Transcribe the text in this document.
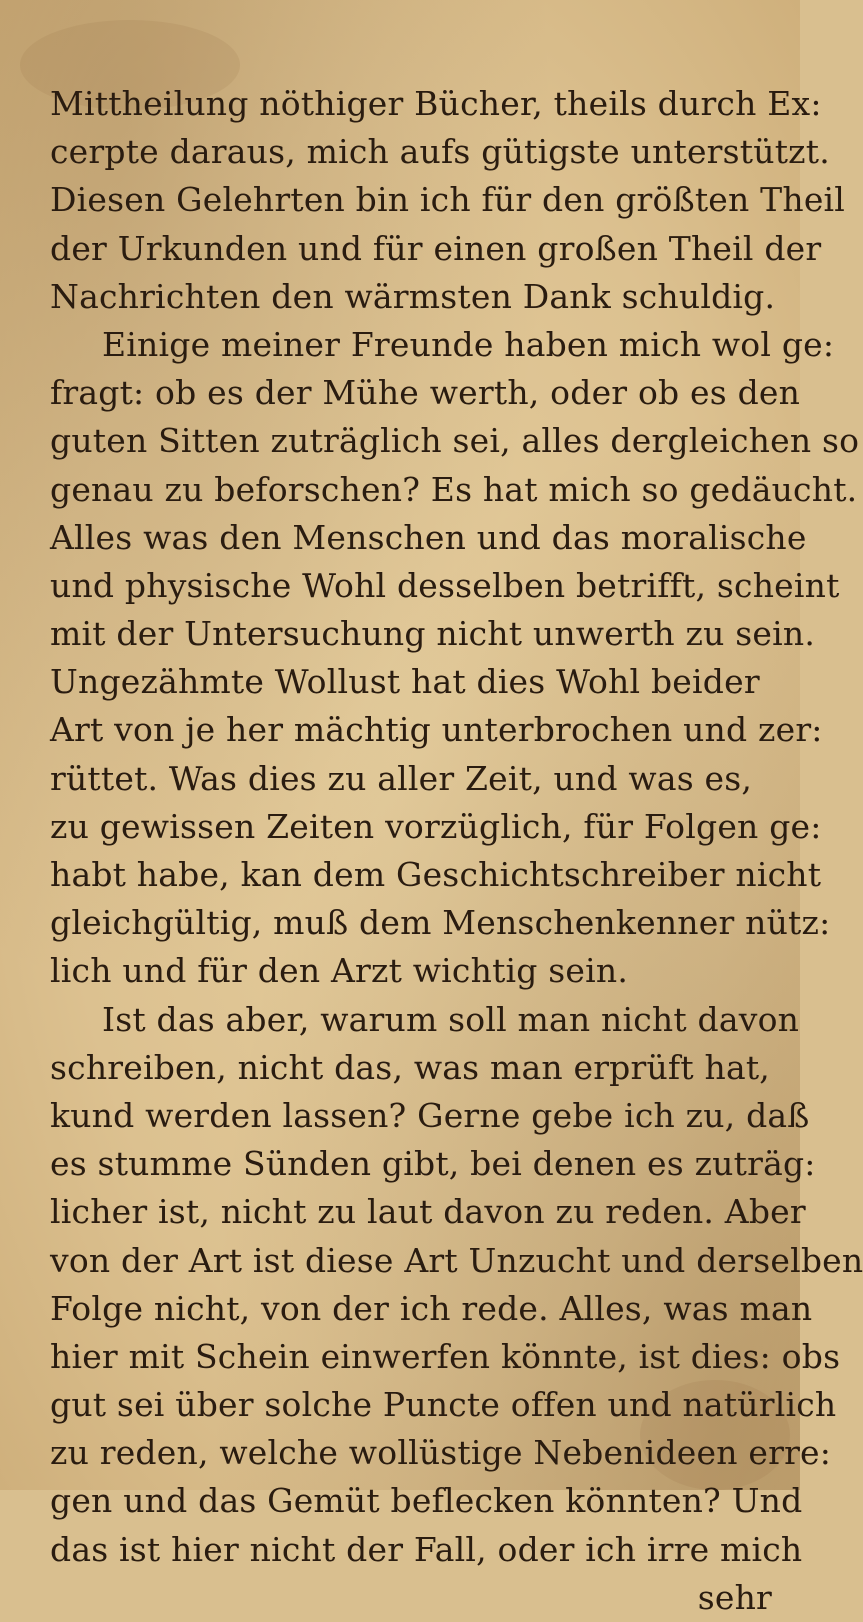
Mittheilung nöthiger Bücher, theils durch Ex:
cerpte daraus, mich aufs gütigste unterstützt.
Diesen Gelehrten bin ich für den größten Theil
der Urkunden und für einen großen Theil der
Nachrichten den wärmsten Dank schuldig.
Einige meiner Freunde haben mich wol ge:
fragt: ob es der Mühe werth, oder ob es den
guten Sitten zuträglich sei, alles dergleichen so
genau zu beforschen? Es hat mich so gedäucht.
Alles was den Menschen und das moralische
und physische Wohl desselben betrifft, scheint
mit der Untersuchung nicht unwerth zu sein.
Ungezähmte Wollust hat dies Wohl beider
Art von je her mächtig unterbrochen und zer:
rüttet. Was dies zu aller Zeit, und was es,
zu gewissen Zeiten vorzüglich, für Folgen ge:
habt habe, kan dem Geschichtschreiber nicht
gleichgültig, muß dem Menschenkenner nütz:
lich und für den Arzt wichtig sein.
Ist das aber, warum soll man nicht davon
schreiben, nicht das, was man erprüft hat,
kund werden lassen? Gerne gebe ich zu, daß
es stumme Sünden gibt, bei denen es zuträg:
licher ist, nicht zu laut davon zu reden. Aber
von der Art ist diese Art Unzucht und derselben
Folge nicht, von der ich rede. Alles, was man
hier mit Schein einwerfen könnte, ist dies: obs
gut sei über solche Puncte offen und natürlich
zu reden, welche wollüstige Nebenideen erre:
gen und das Gemüt beflecken könnten? Und
das ist hier nicht der Fall, oder ich irre mich
sehr
